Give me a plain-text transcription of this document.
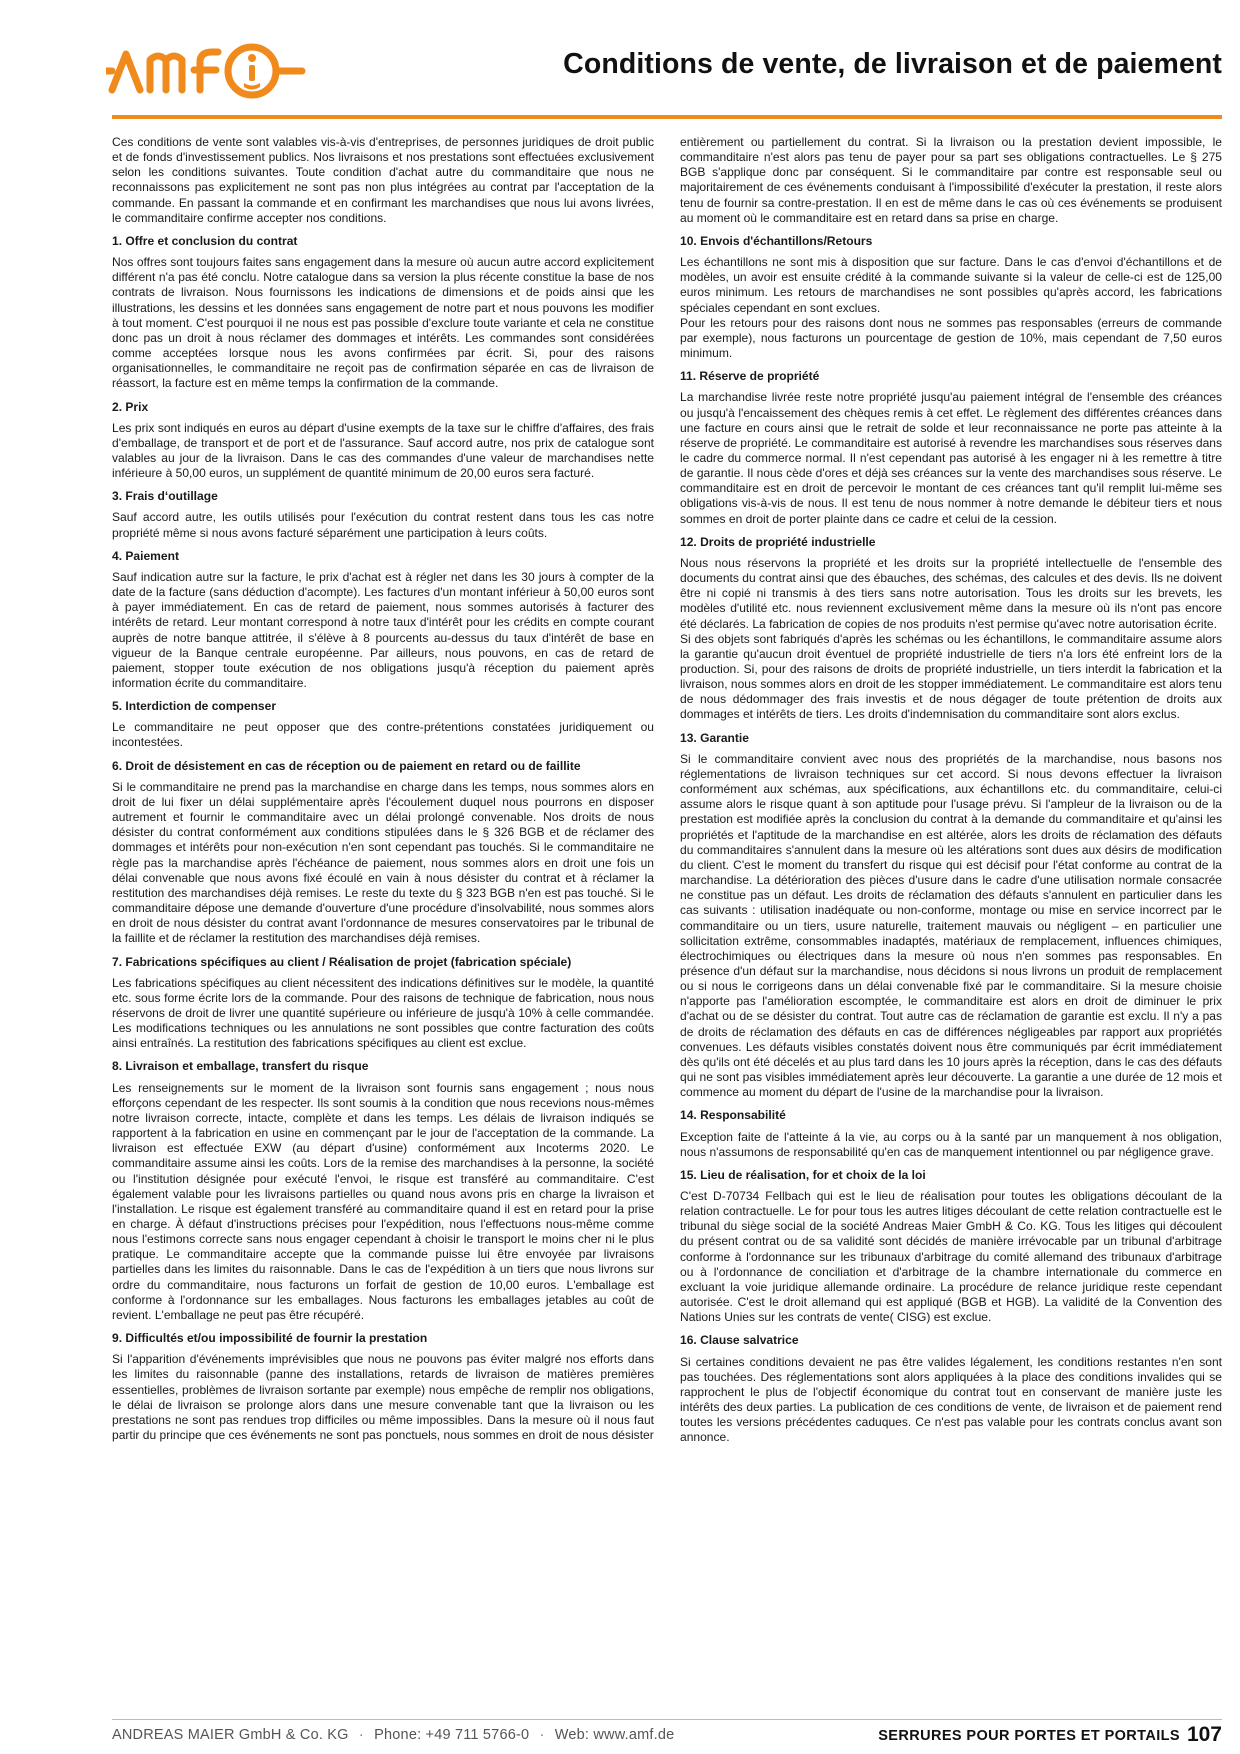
Conditions de vente, de livraison et de paiement

Ces conditions de vente sont valables vis-à-vis d'entreprises, de personnes juridiques de droit public et de fonds d'investissement publics. Nos livraisons et nos prestations sont effectuées exclusivement selon les conditions suivantes. Toute condition d'achat autre du commanditaire que nous ne reconnaissons pas explicitement ne sont pas non plus intégrées au contrat par l'acceptation de la commande. En passant la commande et en confirmant les marchandises que nous lui avons livrées, le commanditaire confirme accepter nos conditions.

1. Offre et conclusion du contrat

Nos offres sont toujours faites sans engagement dans la mesure où aucun autre accord explicitement différent n'a pas été conclu. Notre catalogue dans sa version la plus récente constitue la base de nos contrats de livraison. Nous fournissons les indications de dimensions et de poids ainsi que les illustrations, les dessins et les données sans engagement de notre part et nous pouvons les modifier à tout moment. C'est pourquoi il ne nous est pas possible d'exclure toute variante et cela ne constitue donc pas un droit à nous réclamer des dommages et intérêts. Les commandes sont considérées comme acceptées lorsque nous les avons confirmées par écrit. Si, pour des raisons organisationnelles, le commanditaire ne reçoit pas de confirmation séparée en cas de livraison de réassort, la facture est en même temps la confirmation de la commande.

2. Prix

Les prix sont indiqués en euros au départ d'usine exempts de la taxe sur le chiffre d'affaires, des frais d'emballage, de transport et de port et de l'assurance. Sauf accord autre, nos prix de catalogue sont valables au jour de la livraison. Dans le cas des commandes d'une valeur de marchandises nette inférieure à 50,00 euros, un supplément de quantité minimum de 20,00 euros sera facturé.

3. Frais d‘outillage

Sauf accord autre, les outils utilisés pour l'exécution du contrat restent dans tous les cas notre propriété même si nous avons facturé séparément une participation à leurs coûts.

4. Paiement

Sauf indication autre sur la facture, le prix d'achat est à régler net dans les 30 jours à compter de la date de la facture (sans déduction d'acompte). Les factures d'un montant inférieur à 50,00 euros sont à payer immédiatement. En cas de retard de paiement, nous sommes autorisés à facturer des intérêts de retard. Leur montant correspond à notre taux d'intérêt pour les crédits en compte courant auprès de notre banque attitrée, il s'élève à 8 pourcents au-dessus du taux d'intérêt de base en vigueur de la Banque centrale européenne. Par ailleurs, nous pouvons, en cas de retard de paiement, stopper toute exécution de nos obligations jusqu'à réception du paiement après information écrite du commanditaire.

5. Interdiction de compenser

Le commanditaire ne peut opposer que des contre-prétentions constatées juridiquement ou incontestées.

6. Droit de désistement en cas de réception ou de paiement en retard ou de faillite

Si le commanditaire ne prend pas la marchandise en charge dans les temps, nous sommes alors en droit de lui fixer un délai supplémentaire après l'écoulement duquel nous pourrons en disposer autrement et fournir le commanditaire avec un délai prolongé convenable. Nos droits de nous désister du contrat conformément aux conditions stipulées dans le § 326 BGB et de réclamer des dommages et intérêts pour non-exécution n'en sont cependant pas touchés. Si le commanditaire ne règle pas la marchandise après l'échéance de paiement, nous sommes alors en droit une fois un délai convenable que nous avons fixé écoulé en vain à nous désister du contrat et à réclamer la restitution des marchandises déjà remises. Le reste du texte du § 323 BGB n'en est pas touché. Si le commanditaire dépose une demande d'ouverture d'une procédure d'insolvabilité, nous sommes alors en droit de nous désister du contrat avant l'ordonnance de mesures conservatoires par le tribunal de la faillite et de réclamer la restitution des marchandises déjà remises.

7. Fabrications spécifiques au client / Réalisation de projet (fabrication spéciale)

Les fabrications spécifiques au client nécessitent des indications définitives sur le modèle, la quantité etc. sous forme écrite lors de la commande. Pour des raisons de technique de fabrication, nous nous réservons de droit de livrer une quantité supérieure ou inférieure de jusqu'à 10% à celle commandée. Les modifications techniques ou les annulations ne sont possibles que contre facturation des coûts ainsi entraînés. La restitution des fabrications spécifiques au client est exclue.

8. Livraison et emballage, transfert du risque

Les renseignements sur le moment de la livraison sont fournis sans engagement ; nous nous efforçons cependant de les respecter. Ils sont soumis à la condition que nous recevions nous-mêmes notre livraison correcte, intacte, complète et dans les temps. Les délais de livraison indiqués se rapportent à la fabrication en usine en commençant par le jour de l'acceptation de la commande. La livraison est effectuée EXW (au départ d'usine) conformément aux Incoterms 2020. Le commanditaire assume ainsi les coûts. Lors de la remise des marchandises à la personne, la société ou l'institution désignée pour exécuté l'envoi, le risque est transféré au commanditaire. C'est également valable pour les livraisons partielles ou quand nous avons pris en charge la livraison et l'installation. Le risque est également transféré au commanditaire quand il est en retard pour la prise en charge. À défaut d'instructions précises pour l'expédition, nous l'effectuons nous-même comme nous l'estimons correcte sans nous engager cependant à choisir le transport le moins cher ni le plus pratique. Le commanditaire accepte que la commande puisse lui être envoyée par livraisons partielles dans les limites du raisonnable. Dans le cas de l'expédition à un tiers que nous livrons sur ordre du commanditaire, nous facturons un forfait de gestion de 10,00 euros. L'emballage est conforme à l'ordonnance sur les emballages. Nous facturons les emballages jetables au coût de revient. L'emballage ne peut pas être récupéré.

9. Difficultés et/ou impossibilité de fournir la prestation

Si l'apparition d'événements imprévisibles que nous ne pouvons pas éviter malgré nos efforts dans les limites du raisonnable (panne des installations, retards de livraison de matières premières essentielles, problèmes de livraison sortante par exemple) nous empêche de remplir nos obligations, le délai de livraison se prolonge alors dans une mesure convenable tant que la livraison ou les prestations ne sont pas rendues trop difficiles ou même impossibles. Dans la mesure où il nous faut partir du principe que ces événements ne sont pas ponctuels, nous sommes en droit de nous désister

entièrement ou partiellement du contrat. Si la livraison ou la prestation devient impossible, le commanditaire n'est alors pas tenu de payer pour sa part ses obligations contractuelles. Le § 275 BGB s'applique donc par conséquent. Si le commanditaire par contre est responsable seul ou majoritairement de ces événements conduisant à l'impossibilité d'exécuter la prestation, il reste alors tenu de fournir sa contre-prestation. Il en est de même dans le cas où ces événements se produisent au moment où le commanditaire est en retard dans sa prise en charge.

10. Envois d'échantillons/Retours

Les échantillons ne sont mis à disposition que sur facture. Dans le cas d'envoi d'échantillons et de modèles, un avoir est ensuite crédité à la commande suivante si la valeur de celle-ci est de 125,00 euros minimum. Les retours de marchandises ne sont possibles qu'après accord, les fabrications spéciales cependant en sont exclues.
Pour les retours pour des raisons dont nous ne sommes pas responsables (erreurs de commande par exemple), nous facturons un pourcentage de gestion de 10%, mais cependant de 7,50 euros minimum.

11. Réserve de propriété

La marchandise livrée reste notre propriété jusqu'au paiement intégral de l'ensemble des créances ou jusqu'à l'encaissement des chèques remis à cet effet. Le règlement des différentes créances dans une facture en cours ainsi que le retrait de solde et leur reconnaissance ne porte pas atteinte à la réserve de propriété. Le commanditaire est autorisé à revendre les marchandises sous réserves dans le cadre du commerce normal. Il n'est cependant pas autorisé à les engager ni à les remettre à titre de garantie. Il nous cède d'ores et déjà ses créances sur la vente des marchandises sous réserve. Le commanditaire est en droit de percevoir le montant de ces créances tant qu'il remplit lui-même ses obligations vis-à-vis de nous. Il est tenu de nous nommer à notre demande le débiteur tiers et nous sommes en droit de porter plainte dans ce cadre et celui de la cession.

12. Droits de propriété industrielle

Nous nous réservons la propriété et les droits sur la propriété intellectuelle de l'ensemble des documents du contrat ainsi que des ébauches, des schémas, des calcules et des devis. Ils ne doivent être ni copié ni transmis à des tiers sans notre autorisation. Tous les droits sur les brevets, les modèles d'utilité etc. nous reviennent exclusivement même dans la mesure où ils n'ont pas encore été déclarés. La fabrication de copies de nos produits n'est permise qu'avec notre autorisation écrite.
Si des objets sont fabriqués d'après les schémas ou les échantillons, le commanditaire assume alors la garantie qu'aucun droit éventuel de propriété industrielle de tiers n'a lors été enfreint lors de la production. Si, pour des raisons de droits de propriété industrielle, un tiers interdit la fabrication et la livraison, nous sommes alors en droit de les stopper immédiatement. Le commanditaire est alors tenu de nous dédommager des frais investis et de nous dégager de toute prétention de droits aux dommages et intérêts de tiers. Les droits d'indemnisation du commanditaire sont alors exclus.

13. Garantie

Si le commanditaire convient avec nous des propriétés de la marchandise, nous basons nos réglementations de livraison techniques sur cet accord. Si nous devons effectuer la livraison conformément aux schémas, aux spécifications, aux échantillons etc. du commanditaire, celui-ci assume alors le risque quant à son aptitude pour l'usage prévu. Si l'ampleur de la livraison ou de la prestation est modifiée après la conclusion du contrat à la demande du commanditaire et qu'ainsi les propriétés et l'aptitude de la marchandise en est altérée, alors les droits de réclamation des défauts du commanditaires s'annulent dans la mesure où les altérations sont dues aux désirs de modification du client. C'est le moment du transfert du risque qui est décisif pour l'état conforme au contrat de la marchandise. La détérioration des pièces d'usure dans le cadre d'une utilisation normale consacrée ne constitue pas un défaut. Les droits de réclamation des défauts s'annulent en particulier dans les cas suivants : utilisation inadéquate ou non-conforme, montage ou mise en service incorrect par le commanditaire ou un tiers, usure naturelle, traitement mauvais ou négligent – en particulier une sollicitation extrême, consommables inadaptés, matériaux de remplacement, influences chimiques, électrochimiques ou électriques dans la mesure où nous n'en sommes pas responsables. En présence d'un défaut sur la marchandise, nous décidons si nous livrons un produit de remplacement ou si nous le corrigeons dans un délai convenable fixé par le commanditaire. Si la mesure choisie n'apporte pas l'amélioration escomptée, le commanditaire est alors en droit de diminuer le prix d'achat ou de se désister du contrat. Tout autre cas de réclamation de garantie est exclu. Il n'y a pas de droits de réclamation des défauts en cas de différences négligeables par rapport aux propriétés convenues. Les défauts visibles constatés doivent nous être communiqués par écrit immédiatement dès qu'ils ont été décelés et au plus tard dans les 10 jours après la réception, dans le cas des défauts qui ne sont pas visibles immédiatement après leur découverte. La garantie a une durée de 12 mois et commence au moment du départ de l'usine de la marchandise pour la livraison.

14. Responsabilité

Exception faite de l'atteinte á la vie, au corps ou à la santé par un manquement à nos obligation, nous n'assumons de responsabilité qu'en cas de manquement intentionnel ou par négligence grave.

15. Lieu de réalisation, for et choix de la loi

C'est D-70734 Fellbach qui est le lieu de réalisation pour toutes les obligations découlant de la relation contractuelle. Le for pour tous les autres litiges découlant de cette relation contractuelle est le tribunal du siège social de la société Andreas Maier GmbH & Co. KG. Tous les litiges qui découlent du présent contrat ou de sa validité sont décidés de manière irrévocable par un tribunal d'arbitrage conforme à l'ordonnance sur les tribunaux d'arbitrage du comité allemand des tribunaux d'arbitrage ou à l'ordonnance de conciliation et d'arbitrage de la chambre internationale du commerce en excluant la voie juridique allemande ordinaire. La procédure de relance juridique reste cependant autorisée. C'est le droit allemand qui est appliqué (BGB et HGB). La validité de la Convention des Nations Unies sur les contrats de vente( CISG) est exclue.

16. Clause salvatrice

Si certaines conditions devaient ne pas être valides légalement, les conditions restantes n'en sont pas touchées. Des réglementations sont alors appliquées à la place des conditions invalides qui se rapprochent le plus de l'objectif économique du contrat tout en conservant de manière juste les intérêts des deux parties. La publication de ces conditions de vente, de livraison et de paiement rend toutes les versions précédentes caduques. Ce n'est pas valable pour les contrats conclus avant son annonce.

ANDREAS MAIER GmbH & Co. KG · Phone: +49 711 5766-0 · Web: www.amf.de	SERRURES POUR PORTES ET PORTAILS 107
